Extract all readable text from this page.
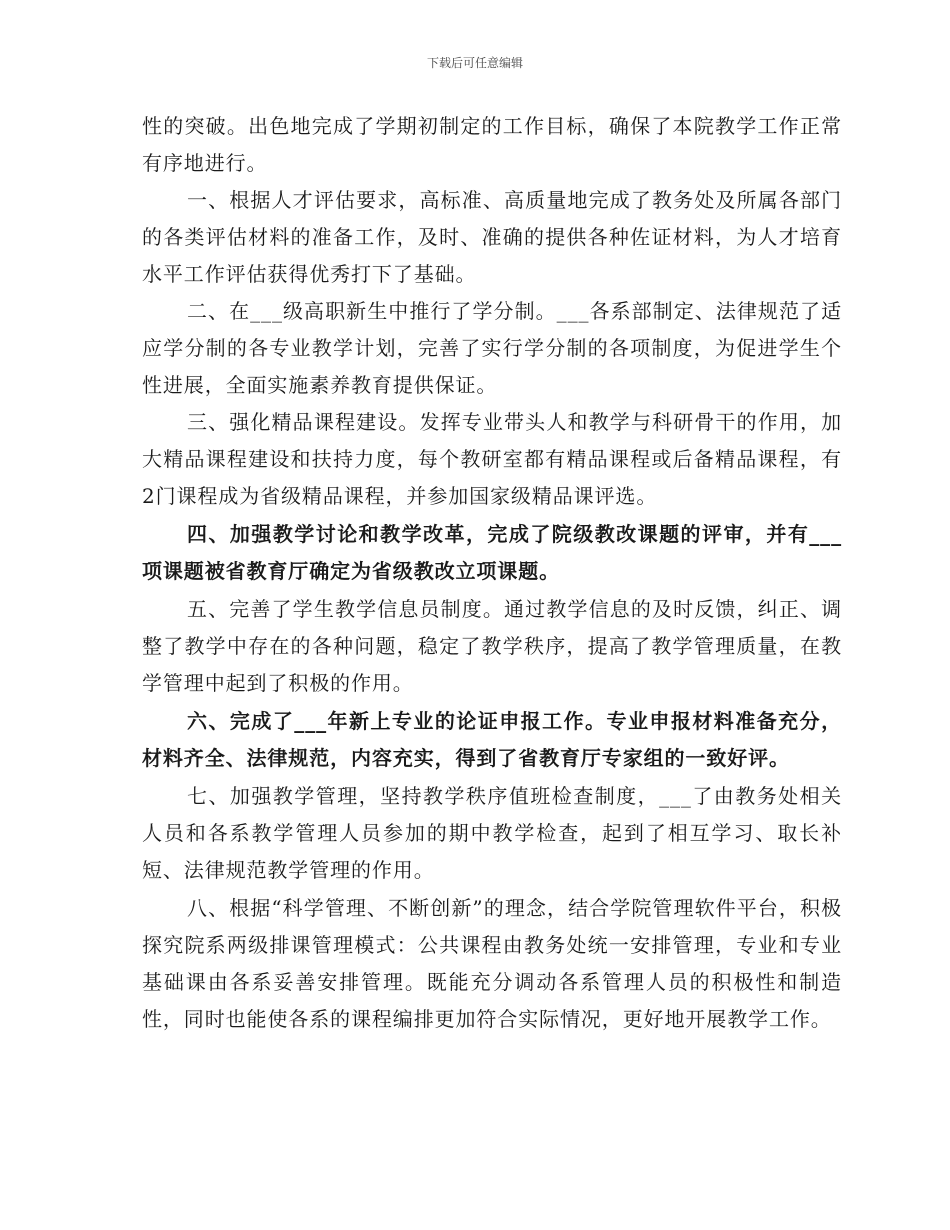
下载后可任意编辑

性的突破。出色地完成了学期初制定的工作目标，确保了本院教学工作正常有序地进行。

一、根据人才评估要求，高标准、高质量地完成了教务处及所属各部门的各类评估材料的准备工作，及时、准确的提供各种佐证材料，为人才培育水平工作评估获得优秀打下了基础。

二、在___级高职新生中推行了学分制。___各系部制定、法律规范了适应学分制的各专业教学计划，完善了实行学分制的各项制度，为促进学生个性进展，全面实施素养教育提供保证。

三、强化精品课程建设。发挥专业带头人和教学与科研骨干的作用，加大精品课程建设和扶持力度，每个教研室都有精品课程或后备精品课程，有2门课程成为省级精品课程，并参加国家级精品课评选。

四、加强教学讨论和教学改革，完成了院级教改课题的评审，并有___项课题被省教育厅确定为省级教改立项课题。

五、完善了学生教学信息员制度。通过教学信息的及时反馈，纠正、调整了教学中存在的各种问题，稳定了教学秩序，提高了教学管理质量，在教学管理中起到了积极的作用。

六、完成了___年新上专业的论证申报工作。专业申报材料准备充分，材料齐全、法律规范，内容充实，得到了省教育厅专家组的一致好评。

七、加强教学管理，坚持教学秩序值班检查制度，___了由教务处相关人员和各系教学管理人员参加的期中教学检查，起到了相互学习、取长补短、法律规范教学管理的作用。

八、根据“科学管理、不断创新”的理念，结合学院管理软件平台，积极探究院系两级排课管理模式：公共课程由教务处统一安排管理，专业和专业基础课由各系妥善安排管理。既能充分调动各系管理人员的积极性和制造性，同时也能使各系的课程编排更加符合实际情况，更好地开展教学工作。
